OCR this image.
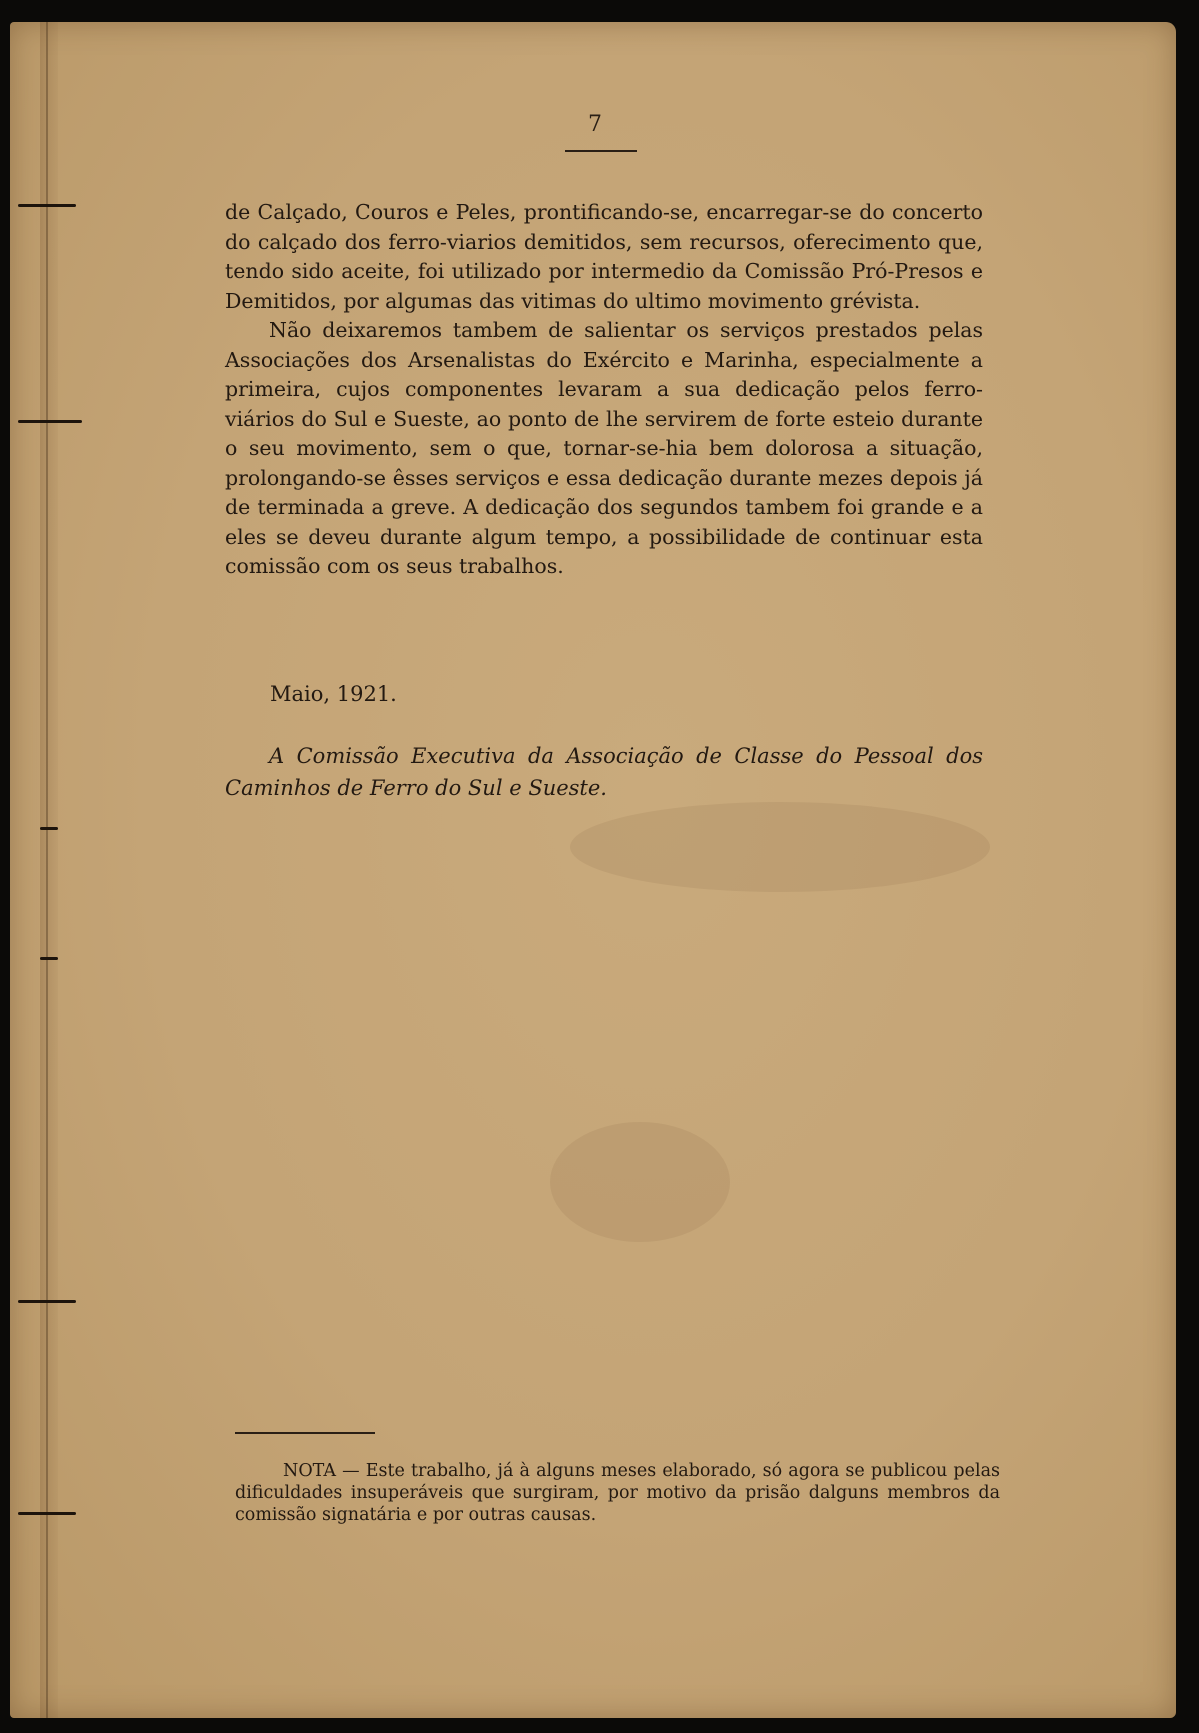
7

de Calçado, Couros e Peles, prontificando-se, encarregar-se do concerto do calçado dos ferro-viarios demitidos, sem recursos, oferecimento que, tendo sido aceite, foi utilizado por intermedio da Comissão Pró-Presos e Demitidos, por algumas das vitimas do ultimo movimento grévista.

Não deixaremos tambem de salientar os serviços prestados pelas Associações dos Arsenalistas do Exército e Marinha, especialmente a primeira, cujos componentes levaram a sua dedicação pelos ferro-viários do Sul e Sueste, ao ponto de lhe servirem de forte esteio durante o seu movimento, sem o que, tornar-se-hia bem dolorosa a situação, prolongando-se êsses serviços e essa dedicação durante mezes depois já de terminada a greve. A dedicação dos segundos tambem foi grande e a eles se deveu durante algum tempo, a possibilidade de continuar esta comissão com os seus trabalhos.

Maio, 1921.
A Comissão Executiva da Associação de Classe do Pessoal dos Caminhos de Ferro do Sul e Sueste.
NOTA — Este trabalho, já à alguns meses elaborado, só agora se publicou pelas dificuldades insuperáveis que surgiram, por motivo da prisão dalguns membros da comissão signatária e por outras causas.
